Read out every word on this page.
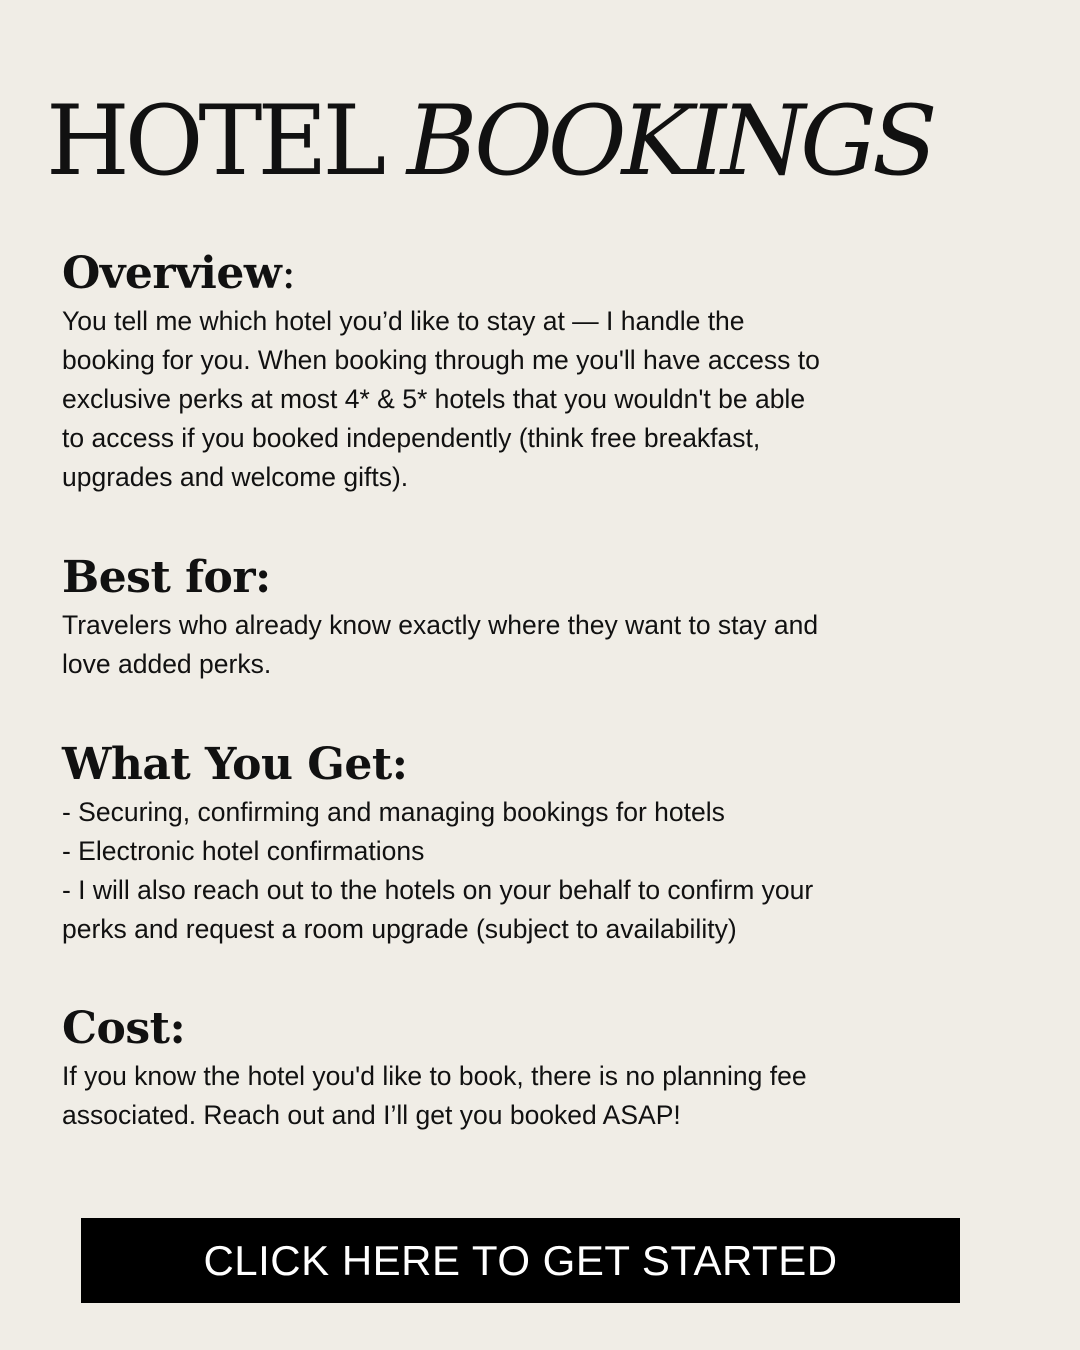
HOTEL BOOKINGS
Overview:

You tell me which hotel you’d like to stay at — I handle the
booking for you. When booking through me you'll have access to
exclusive perks at most 4* & 5* hotels that you wouldn't be able
to access if you booked independently (think free breakfast,
upgrades and welcome gifts).

Best for:

Travelers who already know exactly where they want to stay and
love added perks.

What You Get:

- Securing, confirming and managing bookings for hotels
- Electronic hotel confirmations
- I will also reach out to the hotels on your behalf to confirm your
perks and request a room upgrade (subject to availability)

Cost:

If you know the hotel you'd like to book, there is no planning fee
associated. Reach out and I’ll get you booked ASAP!

CLICK HERE TO GET STARTED
